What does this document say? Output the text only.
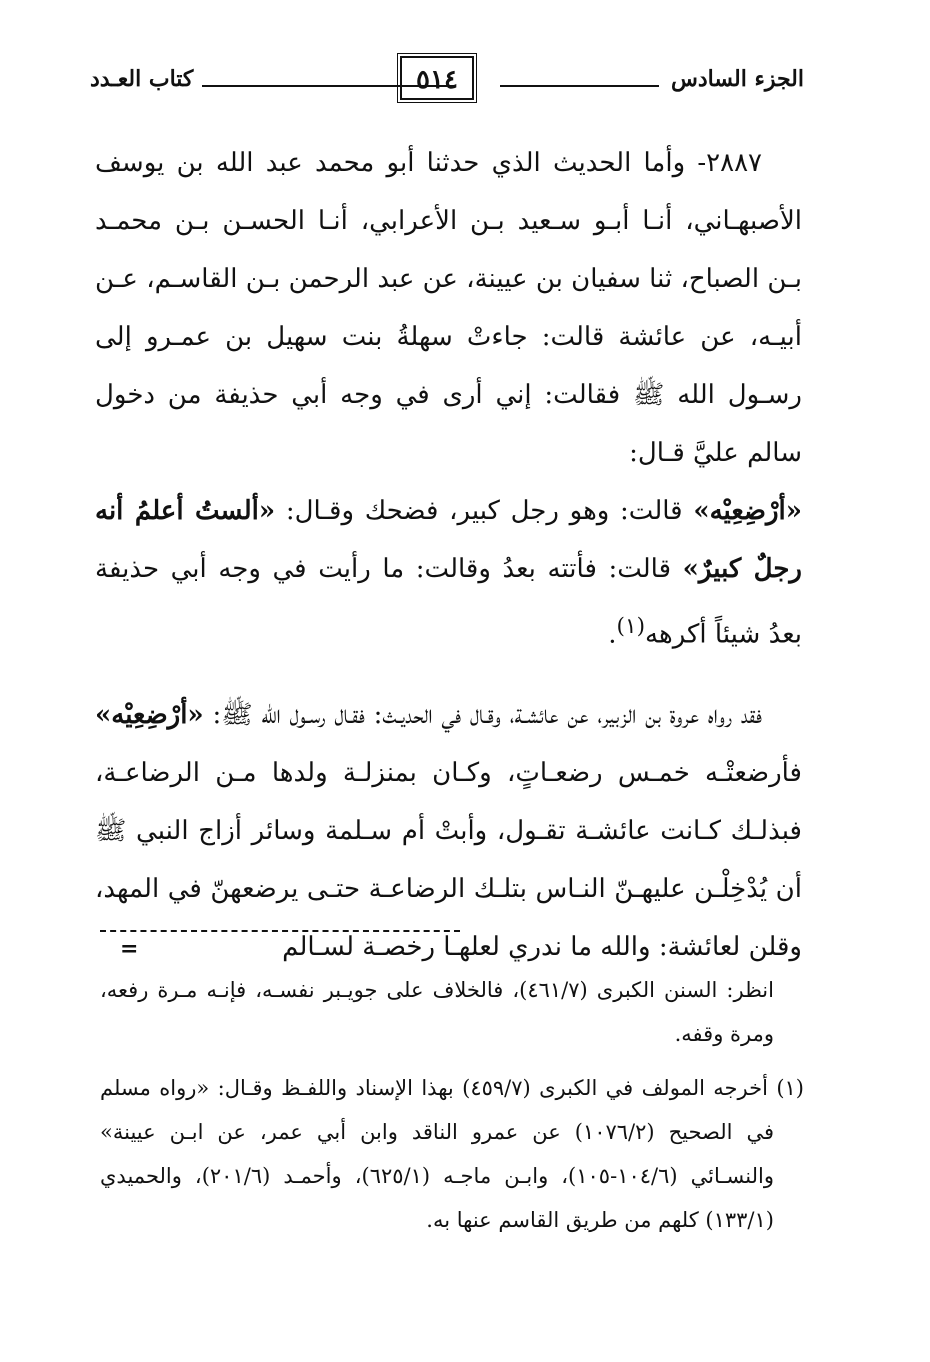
الجزء السادس
٥١٤
كتاب العـدد

٢٨٨٧- وأما الحديث الذي حدثنا أبو محمد عبد الله بن يوسف الأصبهـاني، أنـا أبـو سـعيد بـن الأعرابي، أنـا الحسـن بـن محمـد بـن الصباح، ثنا سفيان بن عيينة، عن عبد الرحمن بـن القاسـم، عـن أبيـه، عن عائشة قالت: جاءتْ سهلةُ بنت سهيل بن عمـرو إلى رسـول الله ﷺ فقالت: إني أرى في وجه أبي حذيفة من دخول سالم عليَّ قـال:
«أرْضِعِيْه» قالت: وهو رجل كبير، فضحك وقـال: «ألستُ أعلمُ أنه رجلٌ كبيرٌ» قالت: فأتته بعدُ وقالت: ما رأيت في وجه أبي حذيفة بعدُ شيئاً أكرهه$^{(١)}$.

فقد رواه عروة بن الزبير، عن عائشـة، وقـال في الحديـث: فقـال رسـول الله ﷺ: «أرْضِعِيْه» فأرضعتْـه خمـس رضعـاتٍ، وكـان بمنزلـة ولدها مـن الرضاعـة، فبذلـك كـانت عائشـة تقـول، وأبتْ أم سـلمة وسائر أزاج النبي ﷺ أن يُدْخِلْـن عليهـنّ النـاس بتلـك الرضاعـة حتـى يرضعهنّ في المهد، وقلن لعائشة: والله ما ندري لعلهـا رخصـة لسـالم

=

انظر: السنن الكبرى (٤٦١/٧)، فالخلاف على جويـبر نفسـه، فإنـه مـرة رفعه، ومرة وقفه.

(١) أخرجه المولف في الكبرى (٤٥٩/٧) بهذا الإسناد واللفـظ وقـال: «رواه مسلم في الصحيح (١٠٧٦/٢) عن عمرو الناقد وابن أبي عمر، عن ابـن عيينة» والنسـائي (١٠٤/٦-١٠٥)، وابـن ماجـه (٦٢٥/١)، وأحمـد (٢٠١/٦)، والحميدي (١٣٣/١) كلهم من طريق القاسم عنها به.
